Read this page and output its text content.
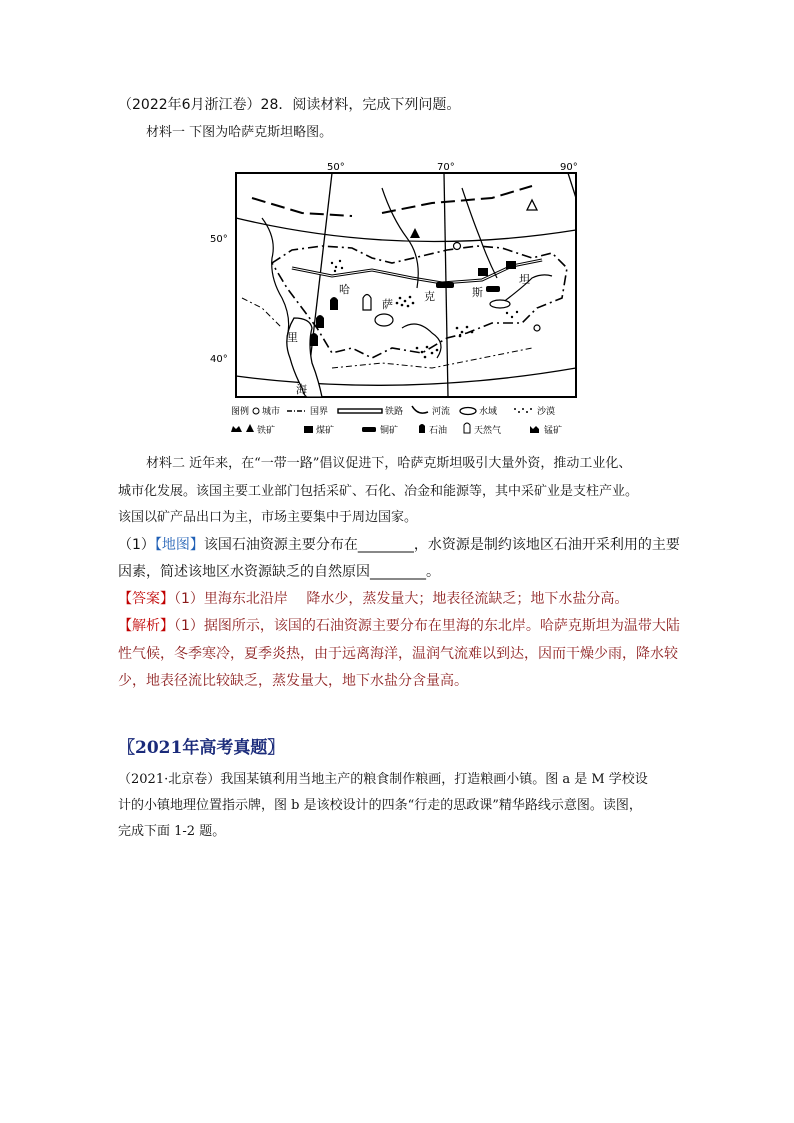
（2022年6月浙江卷）28．阅读材料，完成下列问题。
材料一 下图为哈萨克斯坦略图。
50°	70°	90°
50°
40°
哈
萨
克	斯
坦
里
海
图例 城市	国界	铁路	河流	水域	沙漠
铁矿	煤矿	铜矿	石油	天然气	锰矿
材料二 近年来，在“一带一路”倡议促进下，哈萨克斯坦吸引大量外资，推动工业化、
城市化发展。该国主要工业部门包括采矿、石化、冶金和能源等，其中采矿业是支柱产业。
该国以矿产品出口为主，市场主要集中于周边国家。
（1）【地图】该国石油资源主要分布在________，水资源是制约该地区石油开采利用的主要
因素，简述该地区水资源缺乏的自然原因________。
【答案】（1）里海东北沿岸　 降水少，蒸发量大；地表径流缺乏；地下水盐分高。
【解析】（1）据图所示，该国的石油资源主要分布在里海的东北岸。哈萨克斯坦为温带大陆
性气候，冬季寒冷，夏季炎热，由于远离海洋，温润气流难以到达，因而干燥少雨，降水较
少，地表径流比较缺乏，蒸发量大，地下水盐分含量高。
〖2021年高考真题〗
（2021·北京卷）我国某镇利用当地主产的粮食制作粮画，打造粮画小镇。图 a 是 M 学校设
计的小镇地理位置指示牌，图 b 是该校设计的四条“行走的思政课”精华路线示意图。读图，
完成下面 1-2 题。
